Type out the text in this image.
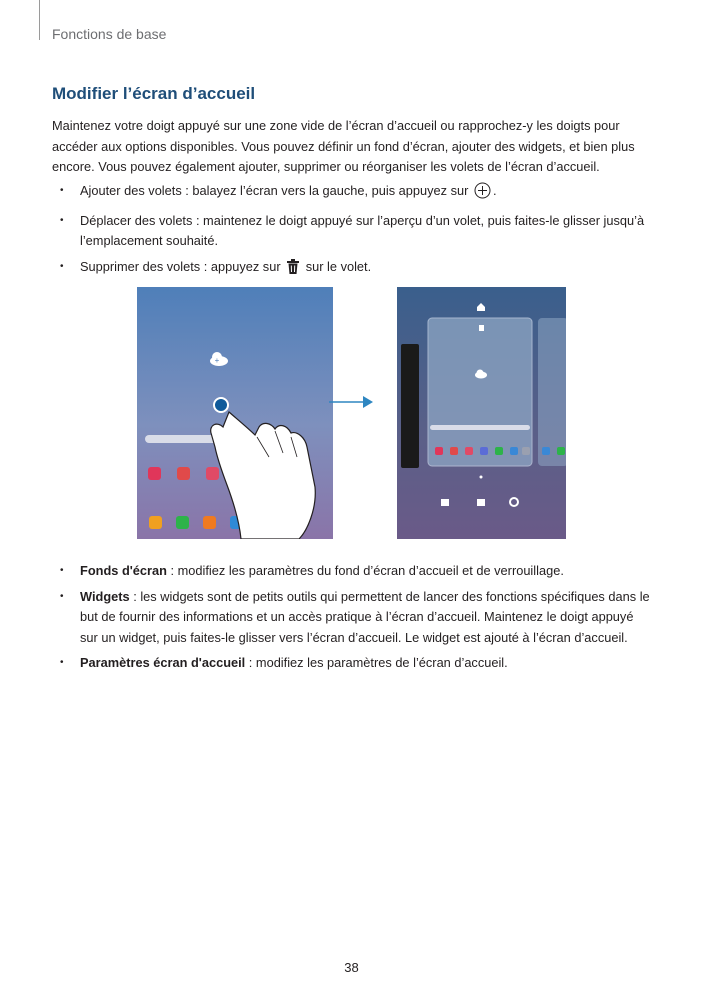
Fonctions de base
Modifier l’écran d’accueil

Maintenez votre doigt appuyé sur une zone vide de l’écran d’accueil ou rapprochez-y les doigts pour accéder aux options disponibles. Vous pouvez définir un fond d’écran, ajouter des widgets, et bien plus encore. Vous pouvez également ajouter, supprimer ou réorganiser les volets de l’écran d’accueil.

• Ajouter des volets : balayez l’écran vers la gauche, puis appuyez sur .
• Déplacer des volets : maintenez le doigt appuyé sur l’aperçu d’un volet, puis faites-le glisser jusqu’à l’emplacement souhaité.
• Supprimer des volets : appuyez sur sur le volet.
+
• Fonds d'écran : modifiez les paramètres du fond d’écran d’accueil et de verrouillage.
• Widgets : les widgets sont de petits outils qui permettent de lancer des fonctions spécifiques dans le but de fournir des informations et un accès pratique à l’écran d’accueil. Maintenez le doigt appuyé sur un widget, puis faites-le glisser vers l’écran d’accueil. Le widget est ajouté à l’écran d’accueil.
• Paramètres écran d'accueil : modifiez les paramètres de l’écran d’accueil.
38
